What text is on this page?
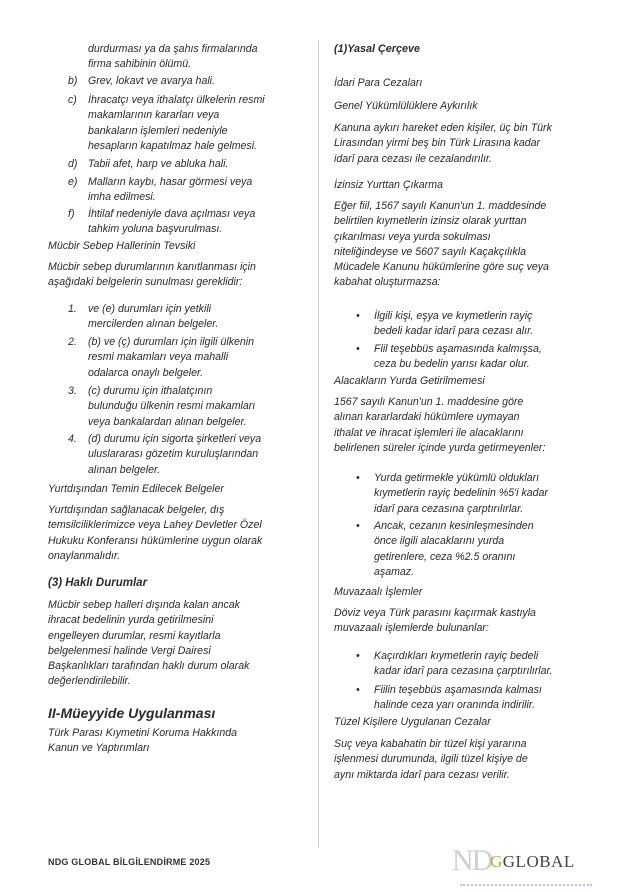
durdurması ya da şahıs firmalarında
firma sahibinin ölümü.
b) Grev, lokavt ve avarya hali.
c) İhracatçı veya ithalatçı ülkelerin resmi
makamlarının kararları veya
bankaların işlemleri nedeniyle
hesapların kapatılmaz hale gelmesi.
d) Tabii afet, harp ve abluka hali.
e) Malların kaybı, hasar görmesi veya
imha edilmesi.
f) İhtilaf nedeniyle dava açılması veya
tahkim yoluna başvurulması.
Mücbir Sebep Hallerinin Tevsiki
Mücbir sebep durumlarının kanıtlanması için
aşağıdaki belgelerin sunulması gereklidir:
1. ve (e) durumları için yetkili
mercilerden alınan belgeler.
2. (b) ve (ç) durumları için ilgili ülkenin
resmi makamları veya mahalli
odalarca onaylı belgeler.
3. (c) durumu için ithalatçının
bulunduğu ülkenin resmi makamları
veya bankalardan alınan belgeler.
4. (d) durumu için sigorta şirketleri veya
uluslararası gözetim kuruluşlarından
alınan belgeler.
Yurtdışından Temin Edilecek Belgeler
Yurtdışından sağlanacak belgeler, dış
temsilciliklerimizce veya Lahey Devletler Özel
Hukuku Konferansı hükümlerine uygun olarak
onaylanmalıdır.
(3) Haklı Durumlar
Mücbir sebep halleri dışında kalan ancak
ihracat bedelinin yurda getirilmesini
engelleyen durumlar, resmi kayıtlarla
belgelenmesi halinde Vergi Dairesi
Başkanlıkları tarafından haklı durum olarak
değerlendirilebilir.
II-Müeyyide Uygulanması
Türk Parası Kıymetini Koruma Hakkında
Kanun ve Yaptırımları
(1)Yasal Çerçeve
İdari Para Cezaları
Genel Yükümlülüklere Aykırılık
Kanuna aykırı hareket eden kişiler, üç bin Türk
Lirasından yirmi beş bin Türk Lirasına kadar
idarî para cezası ile cezalandırılır.
İzinsiz Yurttan Çıkarma
Eğer fiil, 1567 sayılı Kanun'un 1. maddesinde
belirtilen kıymetlerin izinsiz olarak yurttan
çıkarılması veya yurda sokulması
niteliğindeyse ve 5607 sayılı Kaçakçılıkla
Mücadele Kanunu hükümlerine göre suç veya
kabahat oluşturmazsa:
• İlgili kişi, eşya ve kıymetlerin rayiç
bedeli kadar idarî para cezası alır.
• Fiil teşebbüs aşamasında kalmışsa,
ceza bu bedelin yarısı kadar olur.
Alacakların Yurda Getirilmemesi
1567 sayılı Kanun'un 1. maddesine göre
alınan kararlardaki hükümlere uymayan
ithalat ve ihracat işlemleri ile alacaklarını
belirlenen süreler içinde yurda getirmeyenler:
• Yurda getirmekle yükümlü oldukları
kıymetlerin rayiç bedelinin %5'i kadar
idarî para cezasına çarptırılırlar.
• Ancak, cezanın kesinleşmesinden
önce ilgili alacaklarını yurda
getirenlere, ceza %2.5 oranını
aşamaz.
Muvazaalı İşlemler
Döviz veya Türk parasını kaçırmak kastıyla
muvazaalı işlemlerde bulunanlar:
• Kaçırdıkları kıymetlerin rayiç bedeli
kadar idarî para cezasına çarptırılırlar.
• Fiilin teşebbüs aşamasında kalması
halinde ceza yarı oranında indirilir.
Tüzel Kişilere Uygulanan Cezalar
Suç veya kabahatin bir tüzel kişi yararına
işlenmesi durumunda, ilgili tüzel kişiye de
aynı miktarda idarî para cezası verilir.
NDG GLOBAL BİLGİLENDİRME 2025	ND
GGLOBAL
